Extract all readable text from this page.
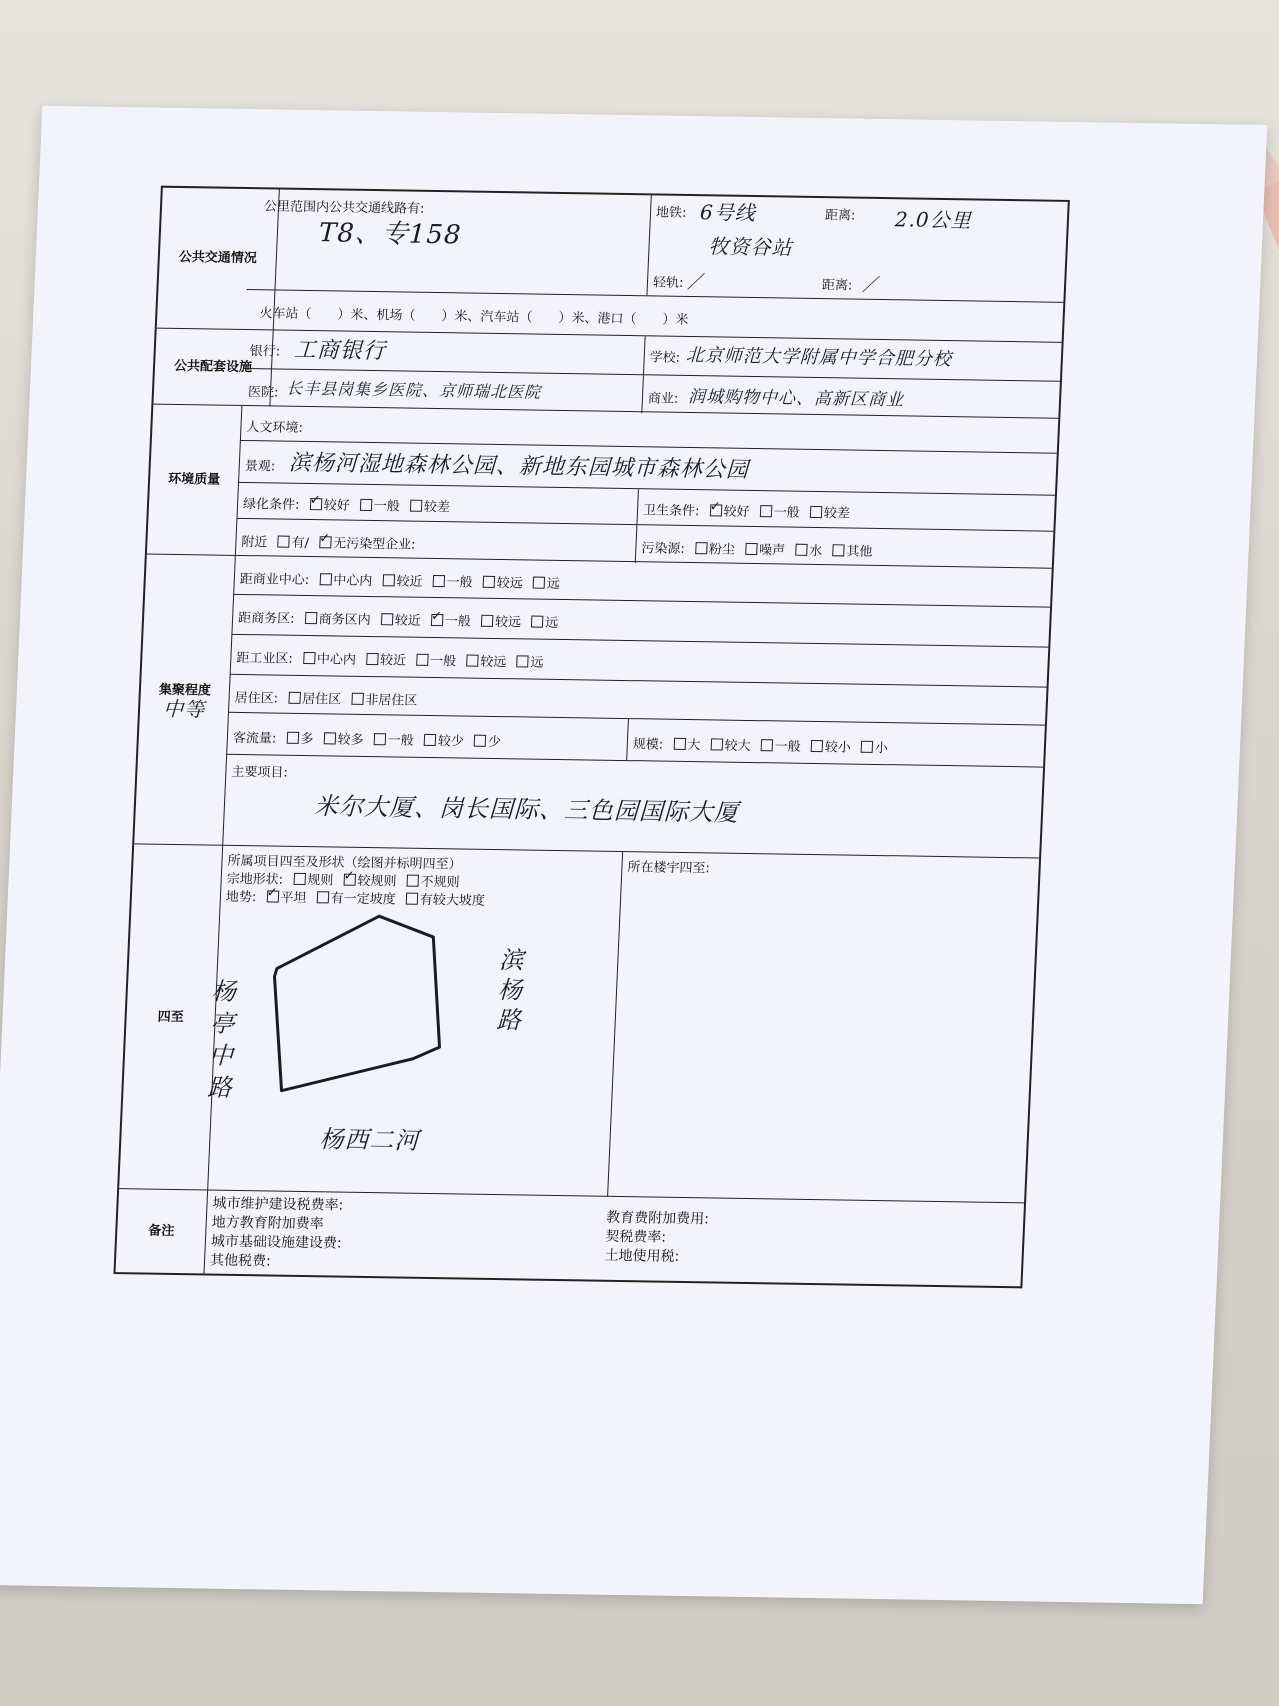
公共交通情况
公里范围内公共交通线路有:
T8、专158
地铁: 6号线	距离: 2.0公里
牧资谷站
轻轨: ／	距离: ／
火车站（　　）米、机场（　　）米、汽车站（　　）米、港口（　　）米
公共配套设施
银行: 工商银行	学校: 北京师范大学附属中学合肥分校
医院: 长丰县岗集乡医院、京师瑞北医院	商业: 润城购物中心、高新区商业
环境质量
人文环境:
景观: 滨杨河湿地森林公园、新地东园城市森林公园
绿化条件: ✓ 较好 一般 较差	卫生条件: ✓ 较好 一般 较差
附近 有/ ✓无污染型企业:	污染源: 粉尘 噪声 水 其他
集聚程度
中等
距商业中心: 中心内 较近 一般 较远 远
距商务区: 商务区内 较近 ✓ 一般 较远 远
距工业区: 中心内 较近 一般 较远 远
居住区: 居住区 非居住区
客流量: 多 较多 一般 较少 少	规模: 大 较大 一般 较小 小
主要项目:
米尔大厦、岗长国际、三色园国际大厦
四至
所属项目四至及形状（绘图并标明四至）
宗地形状: 规则 ✓ 较规则 不规则
地势: ✓ 平坦 有一定坡度 有较大坡度
所在楼宇四至:
滨杨路
杨亭中路
杨西二河
备注
城市维护建设税费率:
地方教育附加费率
城市基础设施建设费:
其他税费:
教育费附加费用:
契税费率:
土地使用税:
